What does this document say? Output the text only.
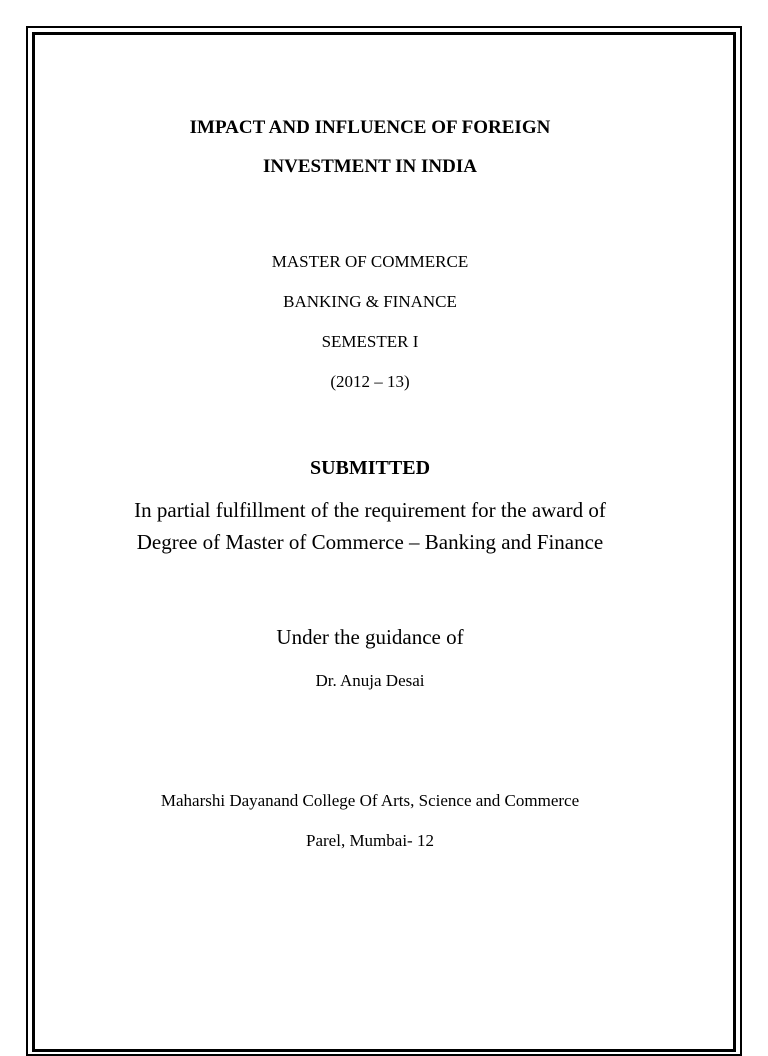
IMPACT AND INFLUENCE OF FOREIGN
INVESTMENT IN INDIA
MASTER OF COMMERCE
BANKING & FINANCE
SEMESTER I
(2012 – 13)
SUBMITTED
In partial fulfillment of the requirement for the award of
Degree of Master of Commerce – Banking and Finance
Under the guidance of
Dr. Anuja Desai
Maharshi Dayanand College Of Arts, Science and Commerce
Parel, Mumbai- 12
